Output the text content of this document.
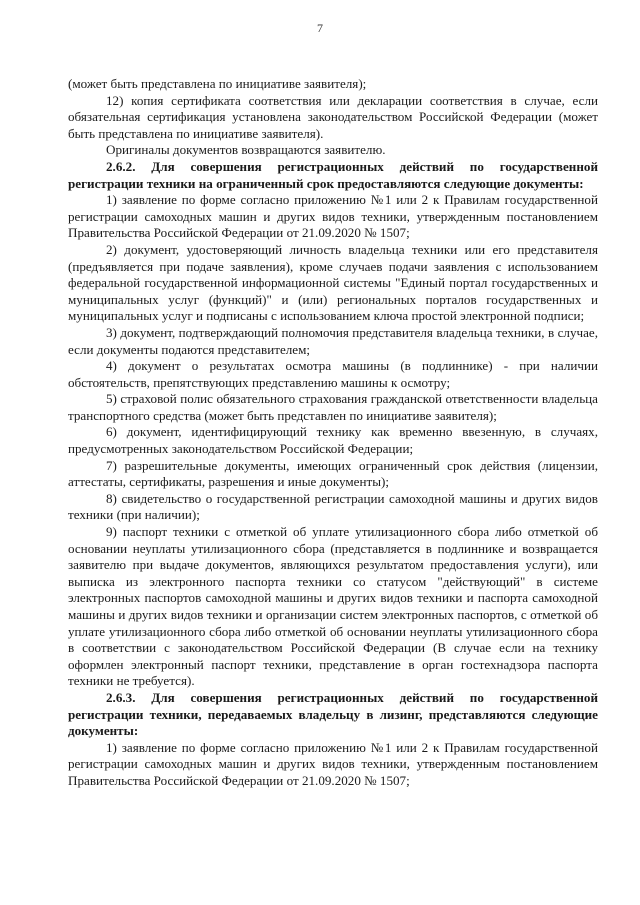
7

(может быть представлена по инициативе заявителя);

12) копия сертификата соответствия или декларации соответствия в случае, если обязательная сертификация установлена законодательством Российской Федерации (может быть представлена по инициативе заявителя).

Оригиналы документов возвращаются заявителю.

2.6.2. Для совершения регистрационных действий по государственной регистрации техники на ограниченный срок предоставляются следующие документы:

1) заявление по форме согласно приложению №1 или 2 к Правилам государственной регистрации самоходных машин и других видов техники, утвержденным постановлением Правительства Российской Федерации от 21.09.2020 № 1507;

2) документ, удостоверяющий личность владельца техники или его представителя (предъявляется при подаче заявления), кроме случаев подачи заявления с использованием федеральной государственной информационной системы "Единый портал государственных и муниципальных услуг (функций)" и (или) региональных порталов государственных и муниципальных услуг и подписаны с использованием ключа простой электронной подписи;

3) документ, подтверждающий полномочия представителя владельца техники, в случае, если документы подаются представителем;

4) документ о результатах осмотра машины (в подлиннике) - при наличии обстоятельств, препятствующих представлению машины к осмотру;

5) страховой полис обязательного страхования гражданской ответственности владельца транспортного средства (может быть представлен по инициативе заявителя);

6) документ, идентифицирующий технику как временно ввезенную, в случаях, предусмотренных законодательством Российской Федерации;

7) разрешительные документы, имеющих ограниченный срок действия (лицензии, аттестаты, сертификаты, разрешения и иные документы);

8) свидетельство о государственной регистрации самоходной машины и других видов техники (при наличии);

9) паспорт техники с отметкой об уплате утилизационного сбора либо отметкой об основании неуплаты утилизационного сбора (представляется в подлиннике и возвращается заявителю при выдаче документов, являющихся результатом предоставления услуги), или выписка из электронного паспорта техники со статусом "действующий" в системе электронных паспортов самоходной машины и других видов техники и паспорта самоходной машины и других видов техники и организации систем электронных паспортов, с отметкой об уплате утилизационного сбора либо отметкой об основании неуплаты утилизационного сбора в соответствии с законодательством Российской Федерации (В случае если на технику оформлен электронный паспорт техники, представление в орган гостехнадзора паспорта техники не требуется).

2.6.3. Для совершения регистрационных действий по государственной регистрации техники, передаваемых владельцу в лизинг, представляются следующие документы:

1) заявление по форме согласно приложению №1 или 2 к Правилам государственной регистрации самоходных машин и других видов техники, утвержденным постановлением Правительства Российской Федерации от 21.09.2020 № 1507;
